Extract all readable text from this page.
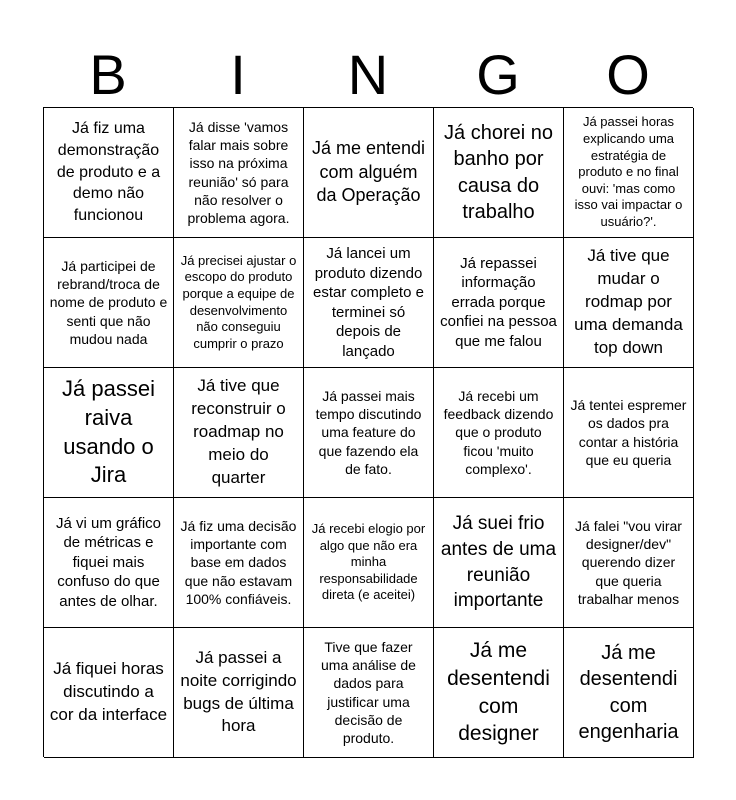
B	I	N	G	O
Já fiz uma demonstração de produto e a demo não funcionou
Já disse 'vamos falar mais sobre isso na próxima reunião' só para não resolver o problema agora.
Já me entendi com alguém da Operação
Já chorei no banho por causa do trabalho
Já passei horas explicando uma estratégia de produto e no final ouvi: 'mas como isso vai impactar o usuário?'.
Já participei de rebrand/troca de nome de produto e senti que não mudou nada
Já precisei ajustar o escopo do produto porque a equipe de desenvolvimento não conseguiu cumprir o prazo
Já lancei um produto dizendo estar completo e terminei só depois de lançado
Já repassei informação errada porque confiei na pessoa que me falou
Já tive que mudar o rodmap por uma demanda top down
Já passei raiva usando o Jira
Já tive que reconstruir o roadmap no meio do quarter
Já passei mais tempo discutindo uma feature do que fazendo ela de fato.
Já recebi um feedback dizendo que o produto ficou 'muito complexo'.
Já tentei espremer os dados pra contar a história que eu queria
Já vi um gráfico de métricas e fiquei mais confuso do que antes de olhar.
Já fiz uma decisão importante com base em dados que não estavam 100% confiáveis.
Já recebi elogio por algo que não era minha responsabilidade direta (e aceitei)
Já suei frio antes de uma reunião importante
Já falei "vou virar designer/dev" querendo dizer que queria trabalhar menos
Já fiquei horas discutindo a cor da interface
Já passei a noite corrigindo bugs de última hora
Tive que fazer uma análise de dados para justificar uma decisão de produto.
Já me desentendi com designer
Já me desentendi com engenharia
